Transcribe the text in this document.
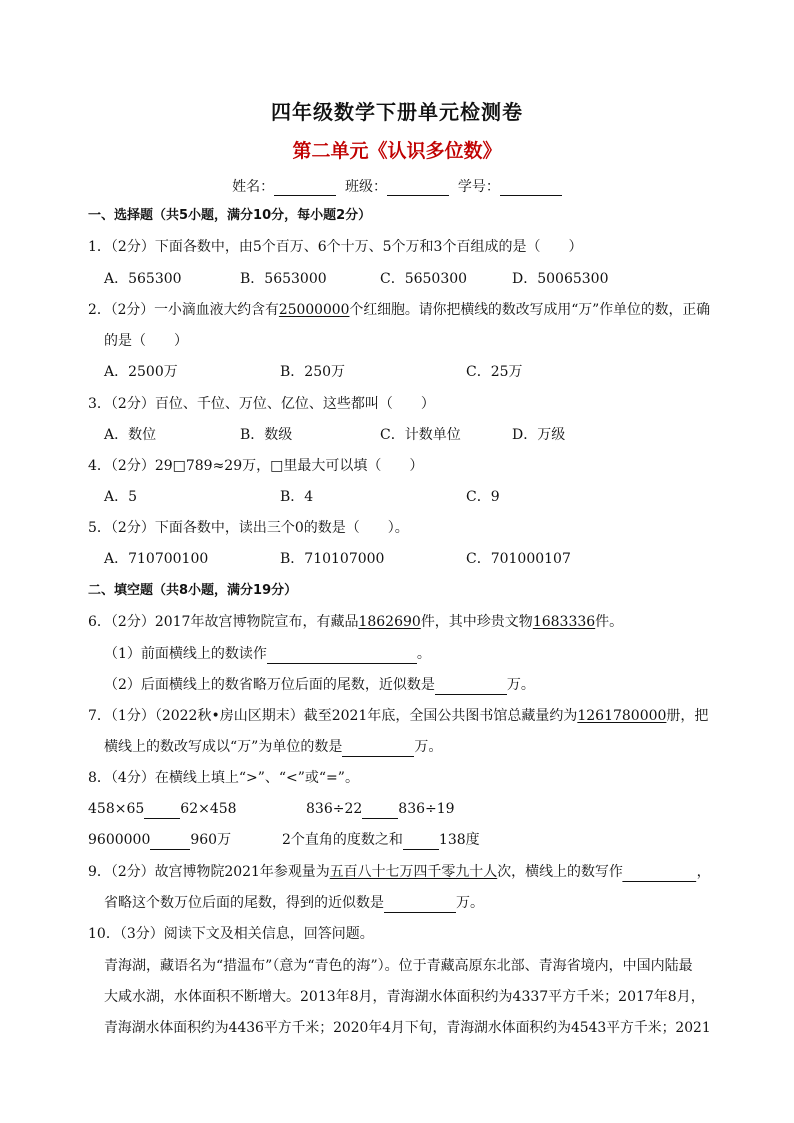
四年级数学下册单元检测卷
第二单元《认识多位数》
姓名：	班级：	学号：
一、选择题（共5小题，满分10分，每小题2分）
1．（2分）下面各数中，由5个百万、6个十万、5个万和3个百组成的是（　　）
A．565300	B．5653000	C．5650300	D．50065300
2．（2分）一小滴血液大约含有25000000个红细胞。请你把横线的数改写成用“万”作单位的数，正确
的是（　　）
A．2500万	B．250万	C．25万
3．（2分）百位、千位、万位、亿位、这些都叫（　　）
A．数位	B．数级	C．计数单位	D．万级
4．（2分）29□789≈29万，□里最大可以填（　　）
A．5	B．4	C．9
5．（2分）下面各数中，读出三个0的数是（　　）。
A．710700100	B．710107000	C．701000107
二、填空题（共8小题，满分19分）
6．（2分）2017年故宫博物院宣布，有藏品1862690件，其中珍贵文物1683336件。
（1）前面横线上的数读作	。
（2）后面横线上的数省略万位后面的尾数，近似数是	万。
7．（1分）（2022秋•房山区期末）截至2021年底，全国公共图书馆总藏量约为1261780000册，把
横线上的数改写成以“万”为单位的数是	万。
8．（4分）在横线上填上“>”、“<”或“=”。
458×65	62×458	836÷22	836÷19
9600000	960万	2个直角的度数之和	138度
9．（2分）故宫博物院2021年参观量为五百八十七万四千零九十人次，横线上的数写作	，
省略这个数万位后面的尾数，得到的近似数是	万。
10．（3分）阅读下文及相关信息，回答问题。
青海湖，藏语名为“措温布”（意为“青色的海”）。位于青藏高原东北部、青海省境内，中国内陆最
大咸水湖，水体面积不断增大。2013年8月，青海湖水体面积约为4337平方千米；2017年8月，
青海湖水体面积约为4436平方千米；2020年4月下旬，青海湖水体面积约为4543平方千米；2021
